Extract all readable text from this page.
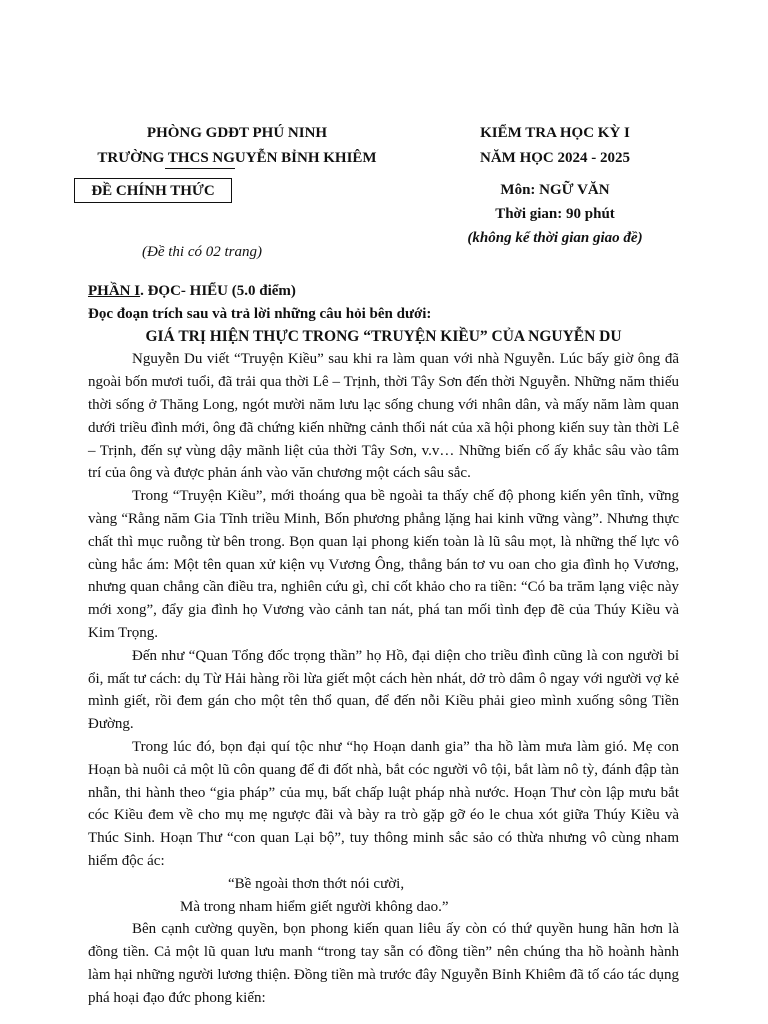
PHÒNG GDĐT PHÚ NINH
TRƯỜNG THCS NGUYỄN BỈNH KHIÊM
KIỂM TRA HỌC KỲ I
NĂM HỌC 2024 - 2025
ĐỀ CHÍNH THỨC	Môn: NGỮ VĂN
Thời gian: 90 phút
(không kể thời gian giao đề)
(Đề thi có 02 trang)
PHẦN I. ĐỌC- HIỂU (5.0 điểm)
Đọc đoạn trích sau và trả lời những câu hỏi bên dưới:
GIÁ TRỊ HIỆN THỰC TRONG “TRUYỆN KIỀU” CỦA NGUYỄN DU

Nguyễn Du viết “Truyện Kiều” sau khi ra làm quan với nhà Nguyễn. Lúc bấy giờ ông đã ngoài bốn mươi tuổi, đã trải qua thời Lê – Trịnh, thời Tây Sơn đến thời Nguyễn. Những năm thiếu thời sống ở Thăng Long, ngót mười năm lưu lạc sống chung với nhân dân, và mấy năm làm quan dưới triều đình mới, ông đã chứng kiến những cảnh thối nát của xã hội phong kiến suy tàn thời Lê – Trịnh, đến sự vùng dậy mãnh liệt của thời Tây Sơn, v.v… Những biến cố ấy khắc sâu vào tâm trí của ông và được phản ánh vào văn chương một cách sâu sắc.

Trong “Truyện Kiều”, mới thoáng qua bề ngoài ta thấy chế độ phong kiến yên tĩnh, vững vàng “Rằng năm Gia Tĩnh triều Minh, Bốn phương phẳng lặng hai kinh vững vàng”. Nhưng thực chất thì mục ruỗng từ bên trong. Bọn quan lại phong kiến toàn là lũ sâu mọt, là những thế lực vô cùng hắc ám: Một tên quan xử kiện vụ Vương Ông, thẳng bán tơ vu oan cho gia đình họ Vương, nhưng quan chẳng cần điều tra, nghiên cứu gì, chỉ cốt khảo cho ra tiền: “Có ba trăm lạng việc này mới xong”, đẩy gia đình họ Vương vào cảnh tan nát, phá tan mối tình đẹp đẽ của Thúy Kiều và Kim Trọng.

Đến như “Quan Tổng đốc trọng thần” họ Hồ, đại diện cho triều đình cũng là con người bỉ ổi, mất tư cách: dụ Từ Hải hàng rồi lừa giết một cách hèn nhát, dở trò dâm ô ngay với người vợ kẻ mình giết, rồi đem gán cho một tên thổ quan, để đến nỗi Kiều phải gieo mình xuống sông Tiền Đường.

Trong lúc đó, bọn đại quí tộc như “họ Hoạn danh gia” tha hồ làm mưa làm gió. Mẹ con Hoạn bà nuôi cả một lũ côn quang để đi đốt nhà, bắt cóc người vô tội, bắt làm nô tỳ, đánh đập tàn nhẫn, thi hành theo “gia pháp” của mụ, bất chấp luật pháp nhà nước. Hoạn Thư còn lập mưu bắt cóc Kiều đem về cho mụ mẹ ngược đãi và bày ra trò gặp gỡ éo le chua xót giữa Thúy Kiều và Thúc Sinh. Hoạn Thư “con quan Lại bộ”, tuy thông minh sắc sảo có thừa nhưng vô cùng nham hiểm độc ác:

“Bề ngoài thơn thớt nói cười,
Mà trong nham hiểm giết người không dao.”

Bên cạnh cường quyền, bọn phong kiến quan liêu ấy còn có thứ quyền hung hãn hơn là đồng tiền. Cả một lũ quan lưu manh “trong tay sẵn có đồng tiền” nên chúng tha hồ hoành hành làm hại những người lương thiện. Đồng tiền mà trước đây Nguyễn Bỉnh Khiêm đã tố cáo tác dụng phá hoại đạo đức phong kiến:
